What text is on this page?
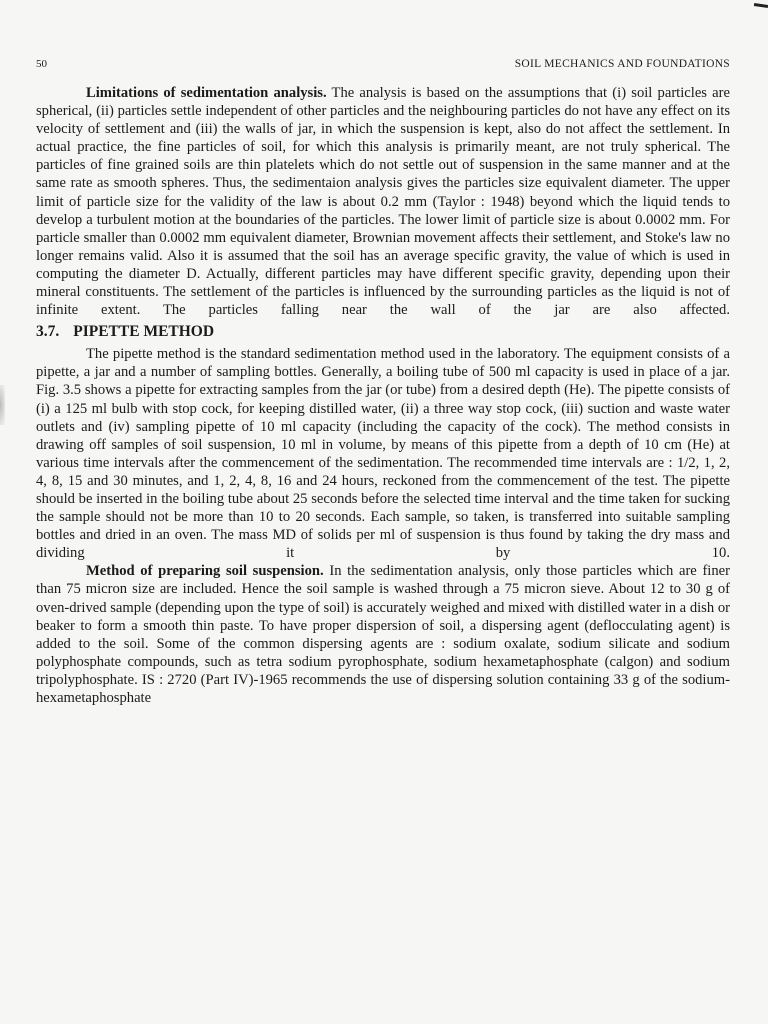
50	SOIL MECHANICS AND FOUNDATIONS

Limitations of sedimentation analysis. The analysis is based on the assumptions that (i) soil particles are spherical, (ii) particles settle independent of other particles and the neighbouring particles do not have any effect on its velocity of settlement and (iii) the walls of jar, in which the suspension is kept, also do not affect the settlement. In actual practice, the fine particles of soil, for which this analysis is primarily meant, are not truly spherical. The particles of fine grained soils are thin platelets which do not settle out of suspension in the same manner and at the same rate as smooth spheres. Thus, the sedimentaion analysis gives the particles size equivalent diameter. The upper limit of particle size for the validity of the law is about 0.2 mm (Taylor : 1948) beyond which the liquid tends to develop a turbulent motion at the boundaries of the particles. The lower limit of particle size is about 0.0002 mm. For particle smaller than 0.0002 mm equivalent diameter, Brownian movement affects their settlement, and Stoke's law no longer remains valid. Also it is assumed that the soil has an average specific gravity, the value of which is used in computing the diameter D. Actually, different particles may have different specific gravity, depending upon their mineral constituents. The settlement of the particles is influenced by the surrounding particles as the liquid is not of infinite extent. The particles falling near the wall of the jar are also affected.

3.7. PIPETTE METHOD

The pipette method is the standard sedimentation method used in the laboratory. The equipment consists of a pipette, a jar and a number of sampling bottles. Generally, a boiling tube of 500 ml capacity is used in place of a jar. Fig. 3.5 shows a pipette for extracting samples from the jar (or tube) from a desired depth (He). The pipette consists of (i) a 125 ml bulb with stop cock, for keeping distilled water, (ii) a three way stop cock, (iii) suction and waste water outlets and (iv) sampling pipette of 10 ml capacity (including the capacity of the cock). The method consists in drawing off samples of soil suspension, 10 ml in volume, by means of this pipette from a depth of 10 cm (He) at various time intervals after the commencement of the sedimentation. The recommended time intervals are : 1/2, 1, 2, 4, 8, 15 and 30 minutes, and 1, 2, 4, 8, 16 and 24 hours, reckoned from the commencement of the test. The pipette should be inserted in the boiling tube about 25 seconds before the selected time interval and the time taken for sucking the sample should not be more than 10 to 20 seconds. Each sample, so taken, is transferred into suitable sampling bottles and dried in an oven. The mass MD of solids per ml of suspension is thus found by taking the dry mass and dividing it by 10.

Method of preparing soil suspension. In the sedimentation analysis, only those particles which are finer than 75 micron size are included. Hence the soil sample is washed through a 75 micron sieve. About 12 to 30 g of oven-drived sample (depending upon the type of soil) is accurately weighed and mixed with distilled water in a dish or beaker to form a smooth thin paste. To have proper dispersion of soil, a dispersing agent (deflocculating agent) is added to the soil. Some of the common dispersing agents are : sodium oxalate, sodium silicate and sodium polyphosphate compounds, such as tetra sodium pyrophosphate, sodium hexametaphosphate (calgon) and sodium tripolyphosphate. IS : 2720 (Part IV)-1965 recommends the use of dispersing solution containing 33 g of the sodium-hexametaphosphate
